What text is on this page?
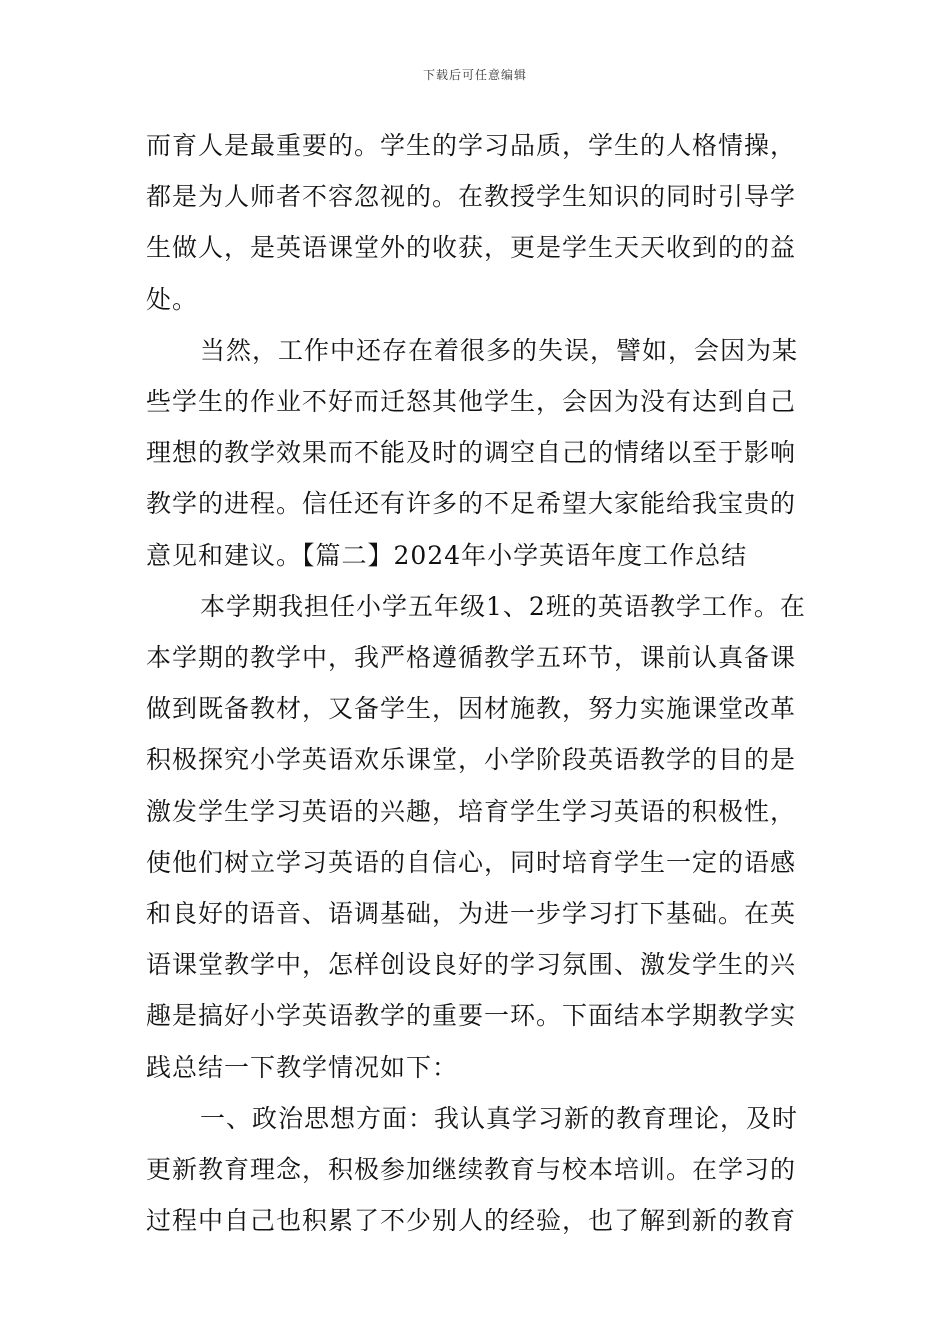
下载后可任意编辑

而育人是最重要的。学生的学习品质，学生的人格情操，

都是为人师者不容忽视的。在教授学生知识的同时引导学

生做人，是英语课堂外的收获，更是学生天天收到的的益

处。

当然，工作中还存在着很多的失误，譬如，会因为某

些学生的作业不好而迁怒其他学生，会因为没有达到自己

理想的教学效果而不能及时的调空自己的情绪以至于影响

教学的进程。信任还有许多的不足希望大家能给我宝贵的

意见和建议。【篇二】2024年小学英语年度工作总结

本学期我担任小学五年级1、2班的英语教学工作。在

本学期的教学中，我严格遵循教学五环节，课前认真备课

做到既备教材，又备学生，因材施教，努力实施课堂改革

积极探究小学英语欢乐课堂，小学阶段英语教学的目的是

激发学生学习英语的兴趣，培育学生学习英语的积极性，

使他们树立学习英语的自信心，同时培育学生一定的语感

和良好的语音、语调基础，为进一步学习打下基础。在英

语课堂教学中，怎样创设良好的学习氛围、激发学生的兴

趣是搞好小学英语教学的重要一环。下面结本学期教学实

践总结一下教学情况如下：

一、政治思想方面：我认真学习新的教育理论，及时

更新教育理念，积极参加继续教育与校本培训。在学习的

过程中自己也积累了不少别人的经验，也了解到新的教育
